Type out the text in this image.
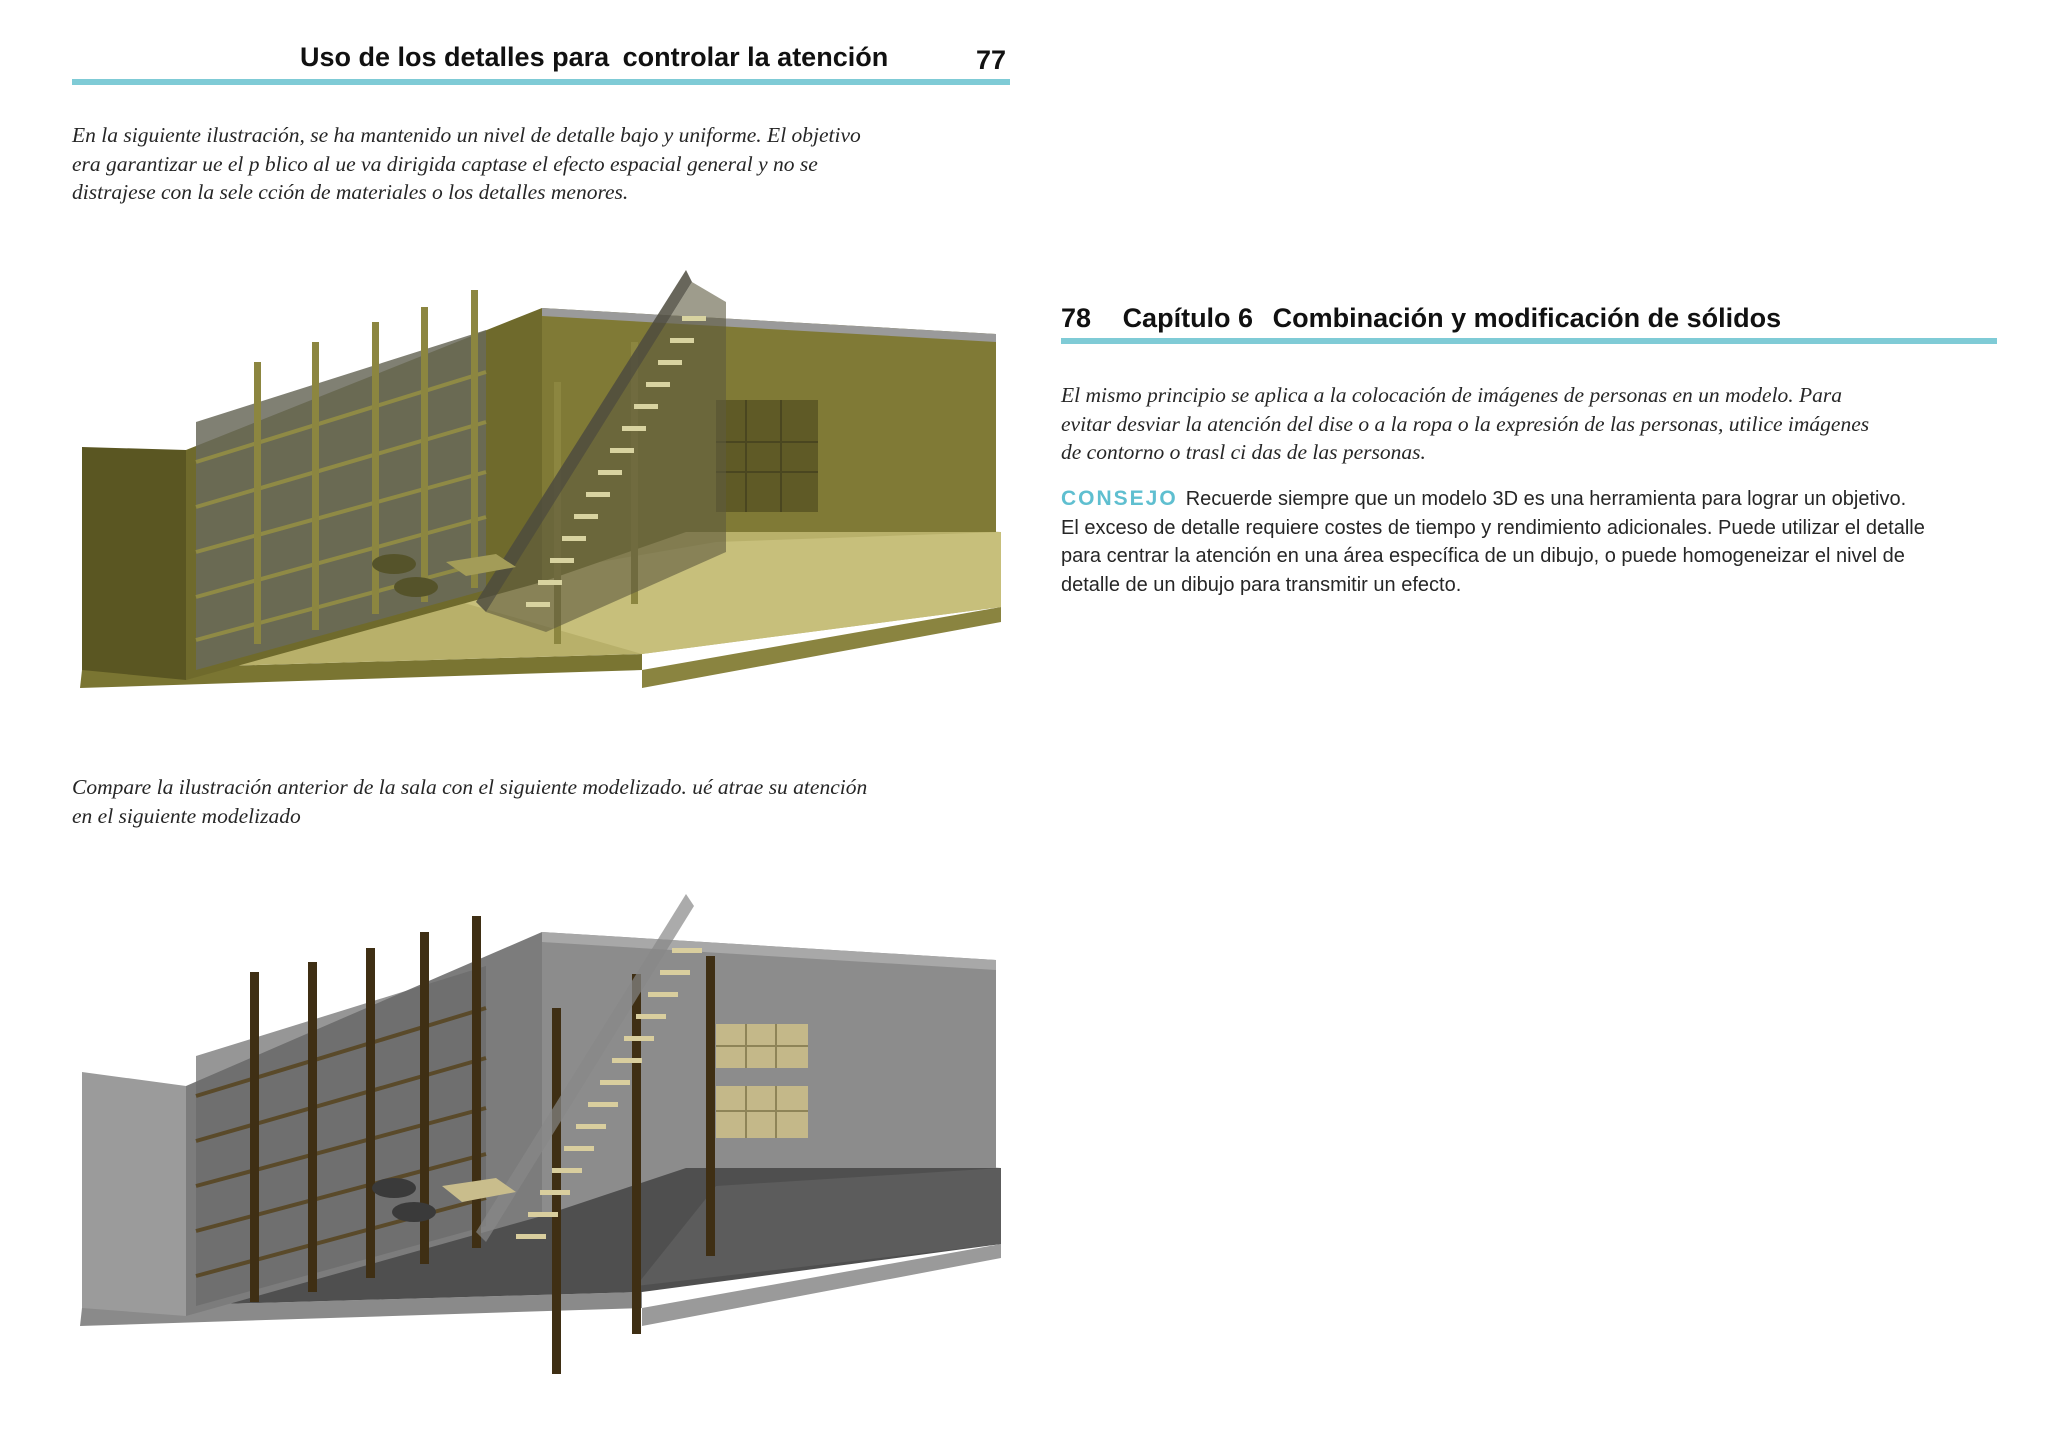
Uso de los detalles para controlar la atención	77

En la siguiente ilustración, se ha mantenido un nivel de detalle bajo y uniforme. El objetivo

era garantizar ue el p blico al ue va dirigida captase el efecto espacial general y no se

distrajese con la sele cción de materiales o los detalles menores.

Compare la ilustración anterior de la sala con el siguiente modelizado. ué atrae su atención

en el siguiente modelizado

78 Capítulo 6 Combinación y modificación de sólidos

El mismo principio se aplica a la colocación de imágenes de personas en un modelo. Para

evitar desviar la atención del dise o a la ropa o la expresión de las personas, utilice imágenes

de contorno o trasl ci das de las personas.

CONSEJO Recuerde siempre que un modelo 3D es una herramienta para lograr un objetivo.

El exceso de detalle requiere costes de tiempo y rendimiento adicionales. Puede utilizar el detalle

para centrar la atención en una área específica de un dibujo, o puede homogeneizar el nivel de

detalle de un dibujo para transmitir un efecto.
